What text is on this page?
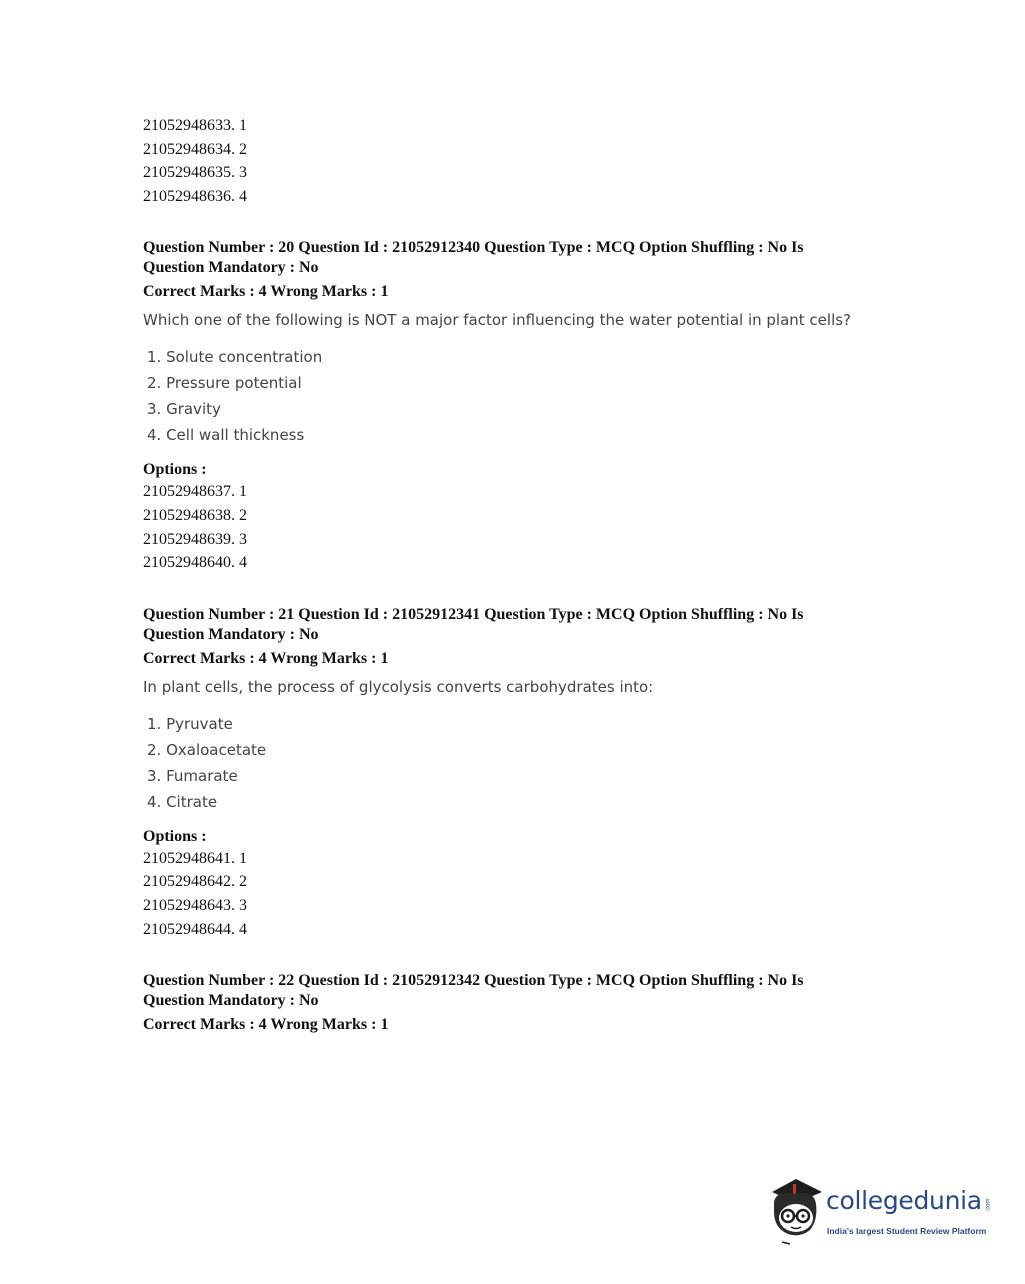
21052948633. 1
21052948634. 2
21052948635. 3
21052948636. 4
Question Number : 20 Question Id : 21052912340 Question Type : MCQ Option Shuffling : No Is
Question Mandatory : No
Correct Marks : 4 Wrong Marks : 1
Which one of the following is NOT a major factor influencing the water potential in plant cells?
1. Solute concentration
2. Pressure potential
3. Gravity
4. Cell wall thickness
Options :
21052948637. 1
21052948638. 2
21052948639. 3
21052948640. 4
Question Number : 21 Question Id : 21052912341 Question Type : MCQ Option Shuffling : No Is
Question Mandatory : No
Correct Marks : 4 Wrong Marks : 1
In plant cells, the process of glycolysis converts carbohydrates into:
1. Pyruvate
2. Oxaloacetate
3. Fumarate
4. Citrate
Options :
21052948641. 1
21052948642. 2
21052948643. 3
21052948644. 4
Question Number : 22 Question Id : 21052912342 Question Type : MCQ Option Shuffling : No Is
Question Mandatory : No
Correct Marks : 4 Wrong Marks : 1
collegedunia .com
India's largest Student Review Platform
